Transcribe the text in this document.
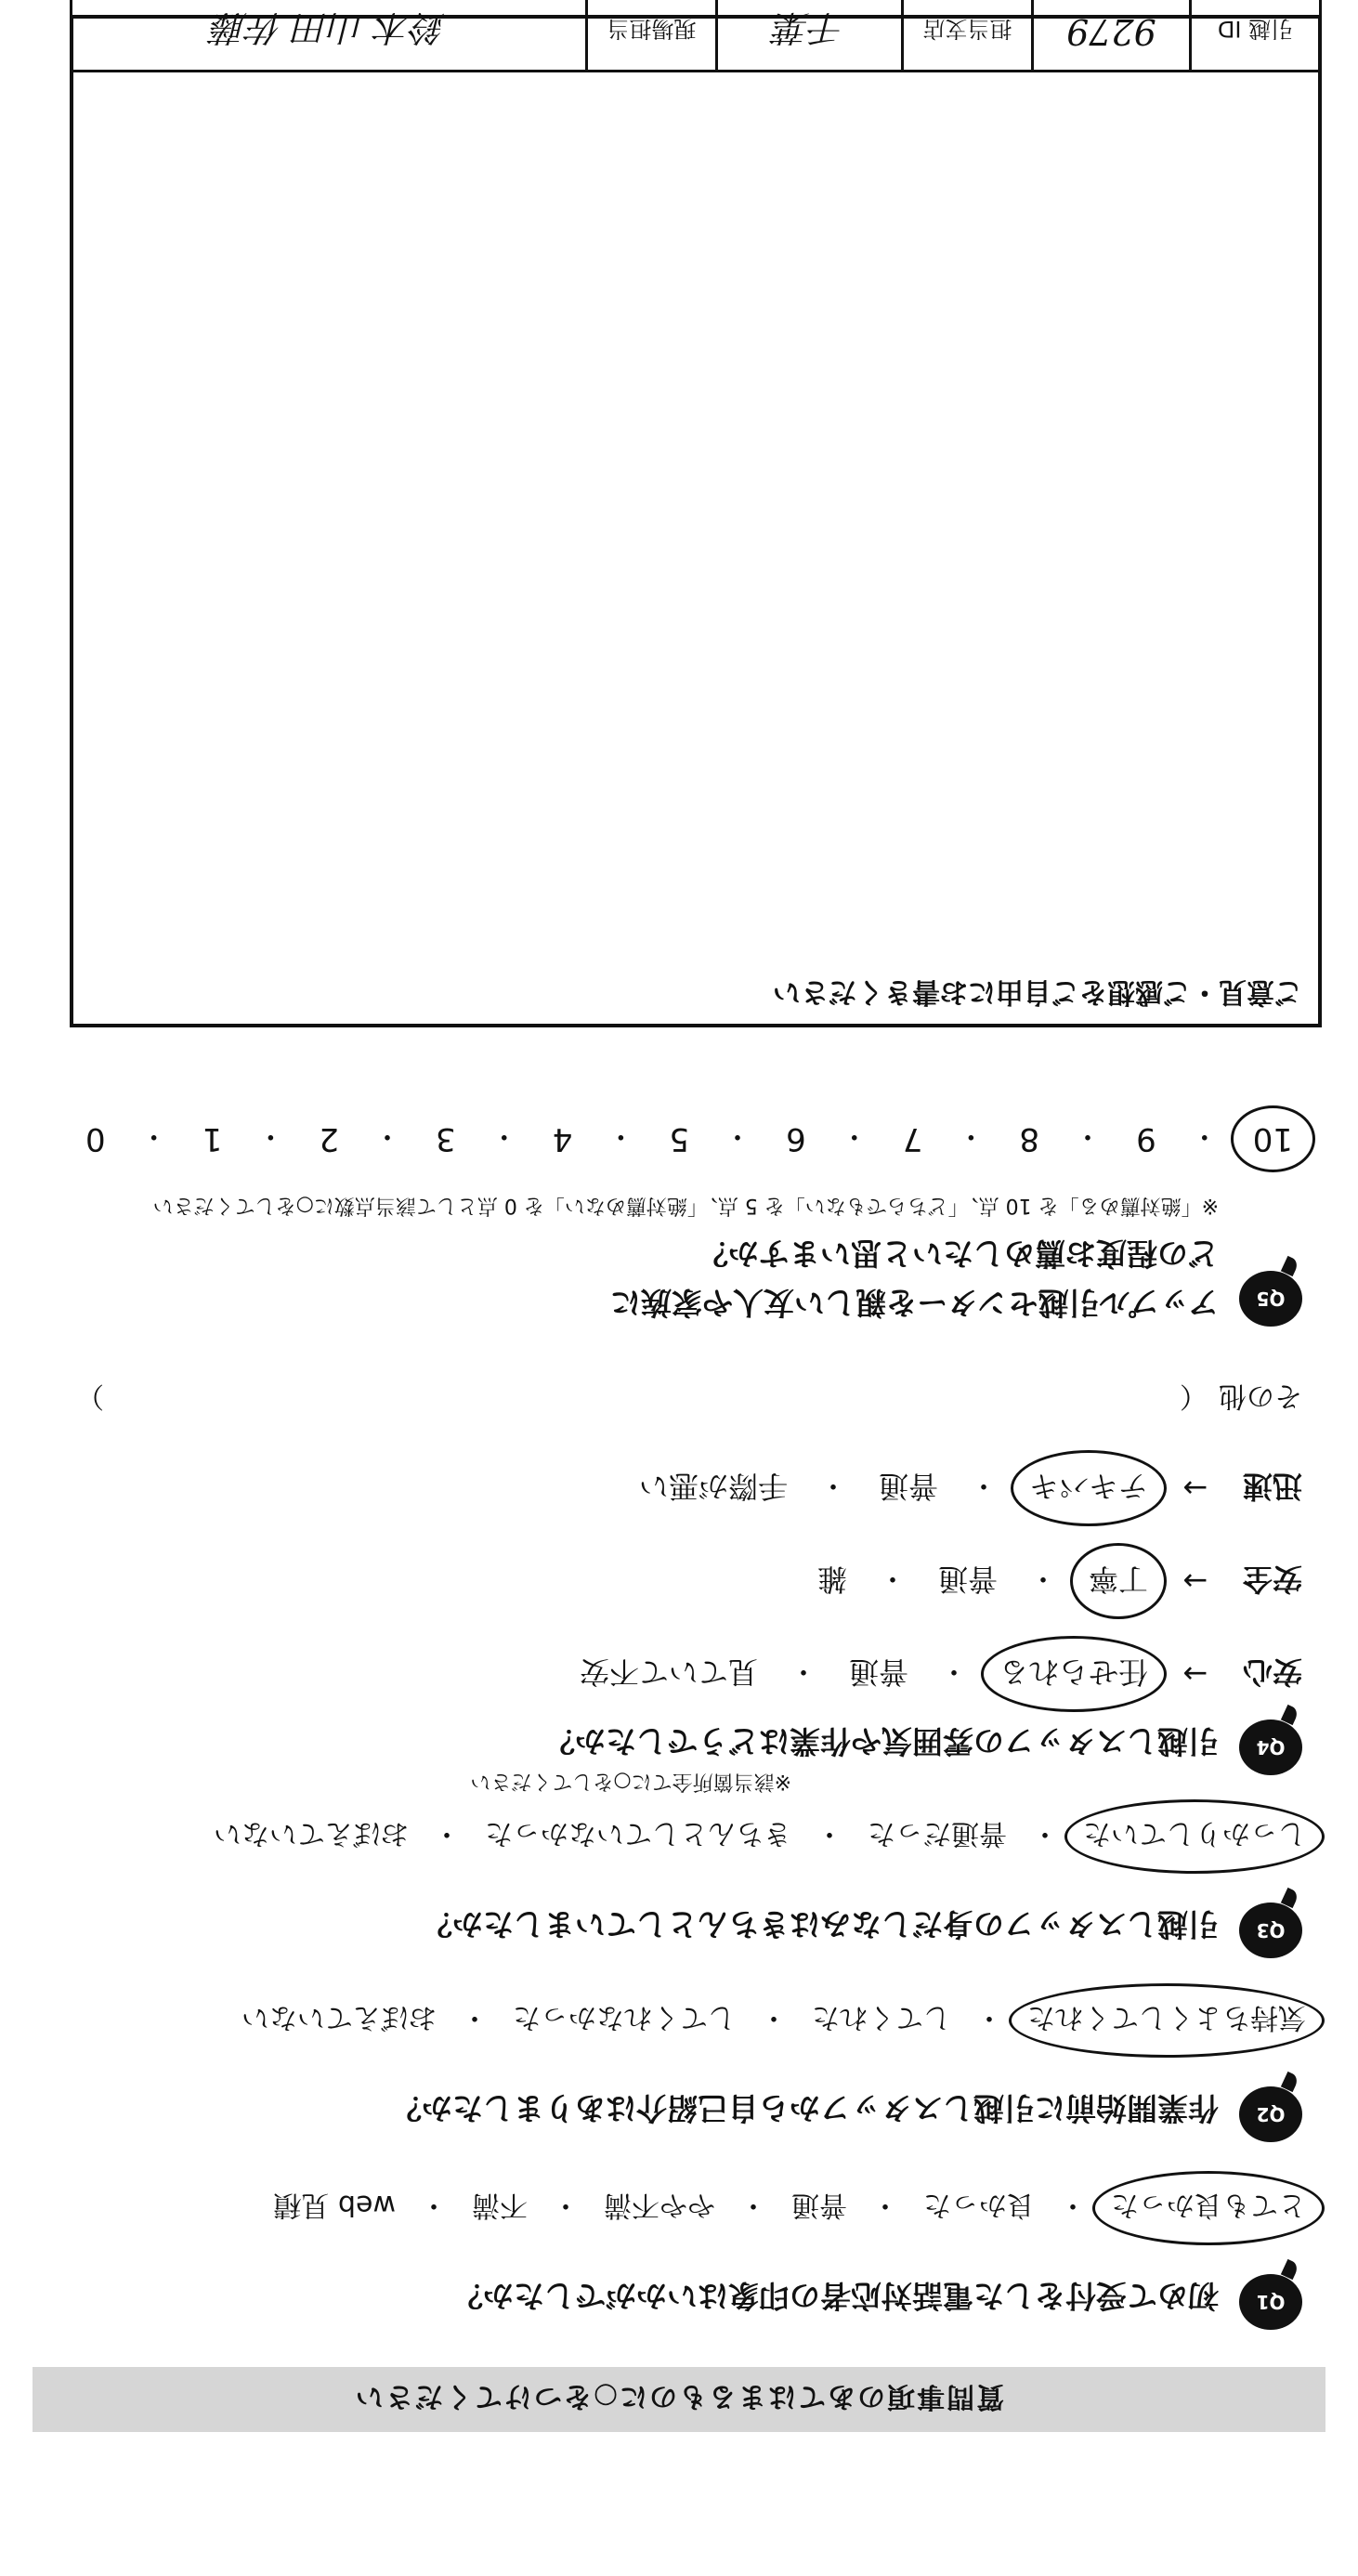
質問事項のあてはまるものに○をつけてください
Q1
初めて受付をした電話対応者の印象はいかがでしたか？
とても良かった
・
良かった
・
普通
・
やや不満
・
不満
・
web 見積
Q2
作業開始前に引越しスタッフから自己紹介はありましたか？
気持ちよくしてくれた
・
してくれた
・
してくれなかった
・
おぼえていない
Q3
引越しスタッフの身だしなみはきちんとしていましたか？
しっかりしていた
・
普通だった
・
きちんとしていなかった
・
おぼえていない
Q4
引越しスタッフの雰囲気や作業はどうでしたか？
※該当箇所全てに○をしてください
安心
→
任せられる
・
普通
・
見ていて不安
安全
→
丁寧
・
普通
・
雑
迅速
→
テキパキ
・
普通
・
手際が悪い
その他
（
）
Q5
アップル引越センターを親しい友人や家族に
どの程度お薦めしたいと思いますか？
※「絶対薦める」を 10 点、「どちらでもない」を 5 点、「絶対薦めない」を 0 点として該当点数に○をしてください
10
・
9
・
8
・
7
・
6
・
5
・
4
・
3
・
2
・
1
・
0
ご意見・ご感想をご自由にお書きください
引越 ID
9279
担当支店
千葉
現場担当
鈴木 山田 佐藤
